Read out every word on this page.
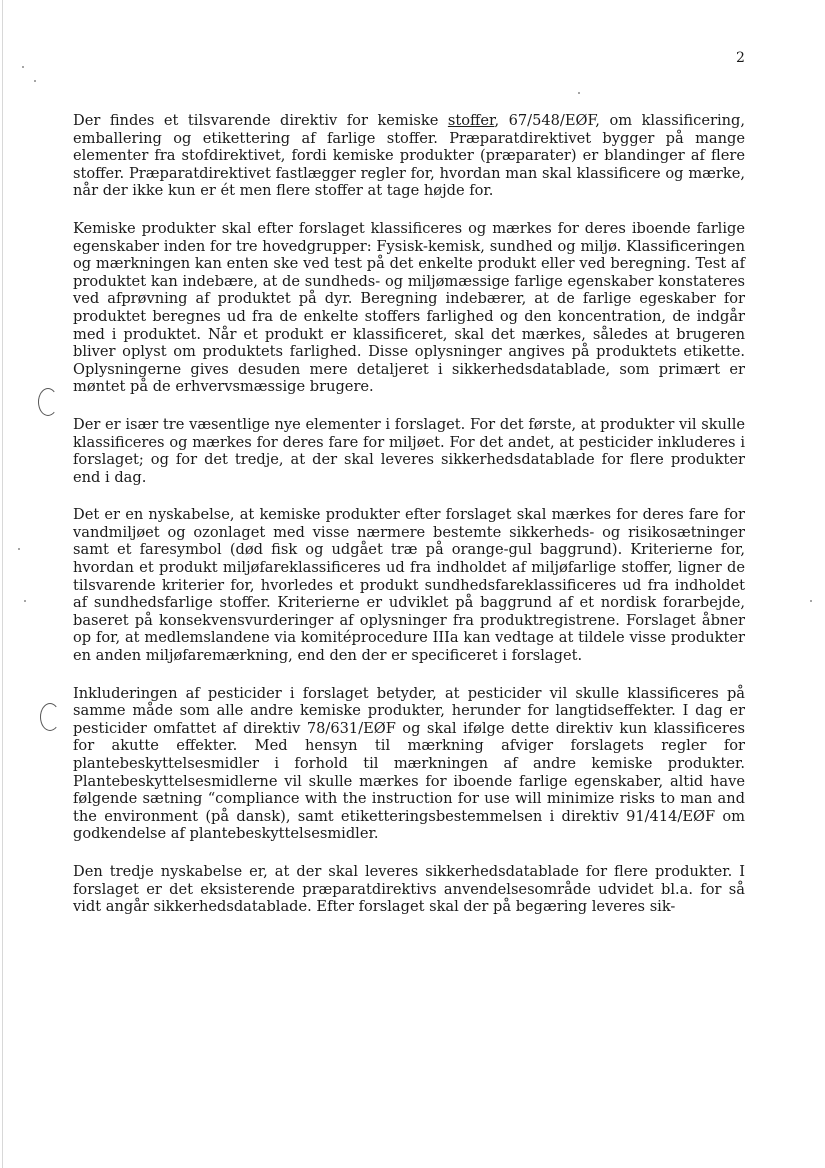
2

Der findes et tilsvarende direktiv for kemiske stoffer, 67/548/EØF, om klassificering, emballering og etikettering af farlige stoffer. Præparatdirektivet bygger på mange elementer fra stofdirektivet, fordi kemiske produkter (præparater) er blandinger af flere stoffer. Præparatdirektivet fastlægger regler for, hvordan man skal klassificere og mærke, når der ikke kun er ét men flere stoffer at tage højde for.

Kemiske produkter skal efter forslaget klassificeres og mærkes for deres iboende farlige egenskaber inden for tre hovedgrupper: Fysisk-kemisk, sundhed og miljø. Klassificeringen og mærkningen kan enten ske ved test på det enkelte produkt eller ved beregning. Test af produktet kan indebære, at de sundheds- og miljømæssige farlige egenskaber konstateres ved afprøvning af produktet på dyr. Beregning indebærer, at de farlige egeskaber for produktet beregnes ud fra de enkelte stoffers farlighed og den koncentration, de indgår med i produktet. Når et produkt er klassificeret, skal det mærkes, således at brugeren bliver oplyst om produktets farlighed. Disse oplysninger angives på produktets etikette. Oplysningerne gives desuden mere detaljeret i sikkerhedsdatablade, som primært er møntet på de erhvervsmæssige brugere.

Der er især tre væsentlige nye elementer i forslaget. For det første, at produkter vil skulle klassificeres og mærkes for deres fare for miljøet. For det andet, at pesticider inkluderes i forslaget; og for det tredje, at der skal leveres sikkerhedsdatablade for flere produkter end i dag.

Det er en nyskabelse, at kemiske produkter efter forslaget skal mærkes for deres fare for vandmiljøet og ozonlaget med visse nærmere bestemte sikkerheds- og risikosætninger samt et faresymbol (død fisk og udgået træ på orange-gul baggrund). Kriterierne for, hvordan et produkt miljøfareklassificeres ud fra indholdet af miljøfarlige stoffer, ligner de tilsvarende kriterier for, hvorledes et produkt sundhedsfareklassificeres ud fra indholdet af sundhedsfarlige stoffer. Kriterierne er udviklet på baggrund af et nordisk forarbejde, baseret på konsekvensvurderinger af oplysninger fra produktregistrene. Forslaget åbner op for, at medlemslandene via komitéprocedure IIIa kan vedtage at tildele visse produkter en anden miljøfaremærkning, end den der er specificeret i forslaget.

Inkluderingen af pesticider i forslaget betyder, at pesticider vil skulle klassificeres på samme måde som alle andre kemiske produkter, herunder for langtidseffekter. I dag er pesticider omfattet af direktiv 78/631/EØF og skal ifølge dette direktiv kun klassificeres for akutte effekter. Med hensyn til mærkning afviger forslagets regler for plantebeskyttelsesmidler i forhold til mærkningen af andre kemiske produkter. Plantebeskyttelsesmidlerne vil skulle mærkes for iboende farlige egenskaber, altid have følgende sætning “compliance with the instruction for use will minimize risks to man and the environment (på dansk), samt etiketteringsbestemmelsen i direktiv 91/414/EØF om godkendelse af plantebeskyttelsesmidler.

Den tredje nyskabelse er, at der skal leveres sikkerhedsdatablade for flere produkter. I forslaget er det eksisterende præparatdirektivs anvendelsesområde udvidet bl.a. for så vidt angår sikkerhedsdatablade. Efter forslaget skal der på begæring leveres sik-
